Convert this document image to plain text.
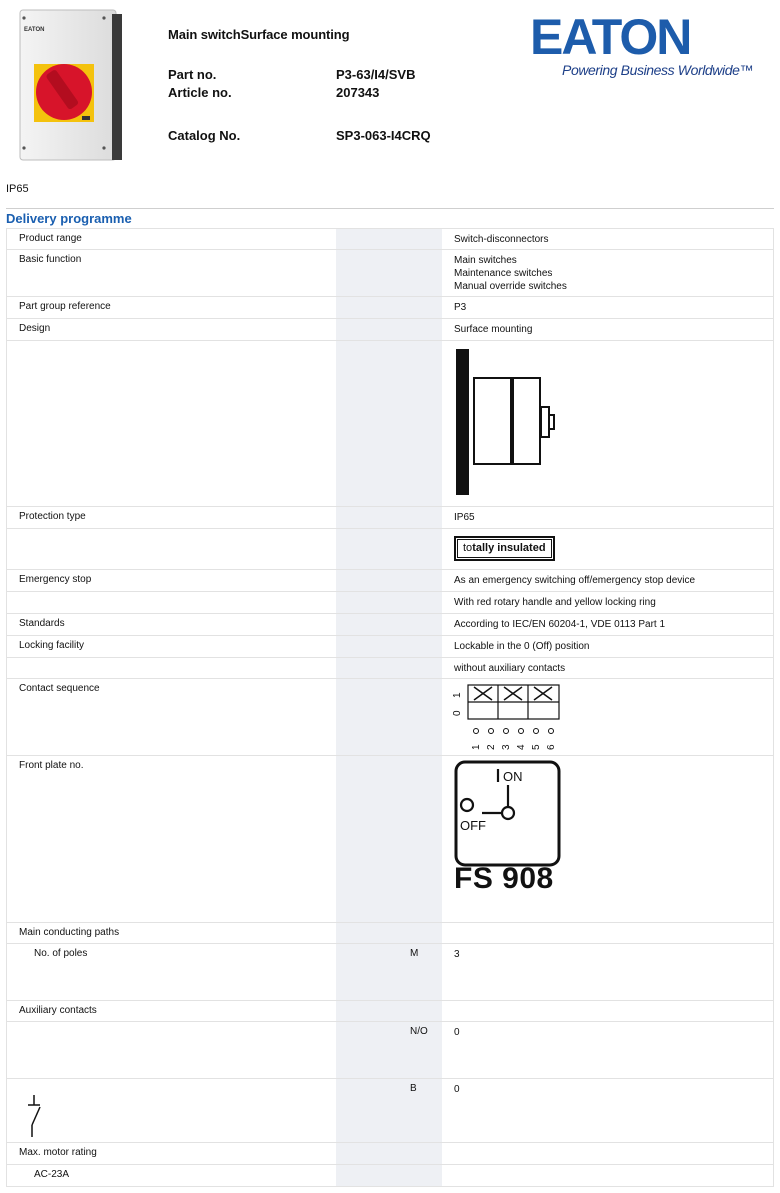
EATON	Main switchSurface mounting
Part no.	P3-63/I4/SVB
Article no.	207343
Catalog No.	SP3-063-I4CRQ
EATON
Powering Business Worldwide™
IP65
Delivery programme
Product range	Switch-disconnectors
Basic function	Main switches
Maintenance switches
Manual override switches
Part group reference	P3
Design	Surface mounting
Protection type	IP65
totally insulated
Emergency stop	As an emergency switching off/emergency stop device
With red rotary handle and yellow locking ring
Standards	According to IEC/EN 60204-1, VDE 0113 Part 1
Locking facility	Lockable in the 0 (Off) position
without auxiliary contacts
Contact sequence
0
1
1 2 3 4 5 6
Front plate no.
ON
OFF
FS 908
Main conducting paths
No. of poles	M	3
Auxiliary contacts
N/O	0
B	0
Max. motor rating
AC-23A
